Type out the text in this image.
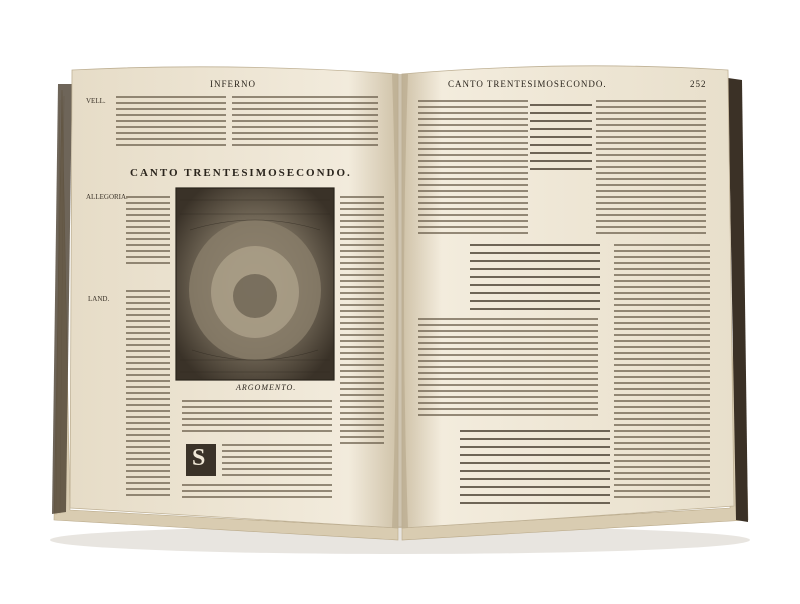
INFERNO	CANTO TRENTESIMOSECONDO.	252
CANTO TRENTESIMOSECONDO.
ALLEGORIA.
LAND.
VELL.
ARGOMENTO.
S
